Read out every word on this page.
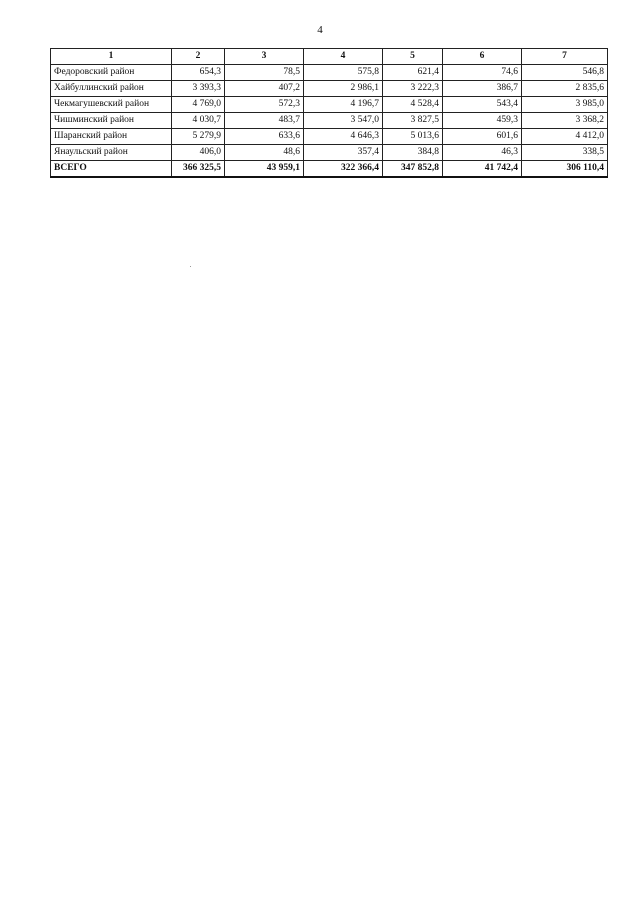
4
1	2	3	4	5	6	7
Федоровский район	654,3	78,5	575,8	621,4	74,6	546,8
Хайбуллинский район	3 393,3	407,2	2 986,1	3 222,3	386,7	2 835,6
Чекмагушевский район	4 769,0	572,3	4 196,7	4 528,4	543,4	3 985,0
Чишминский район	4 030,7	483,7	3 547,0	3 827,5	459,3	3 368,2
Шаранский район	5 279,9	633,6	4 646,3	5 013,6	601,6	4 412,0
Янаульский район	406,0	48,6	357,4	384,8	46,3	338,5
ВСЕГО	366 325,5	43 959,1	322 366,4	347 852,8	41 742,4	306 110,4
